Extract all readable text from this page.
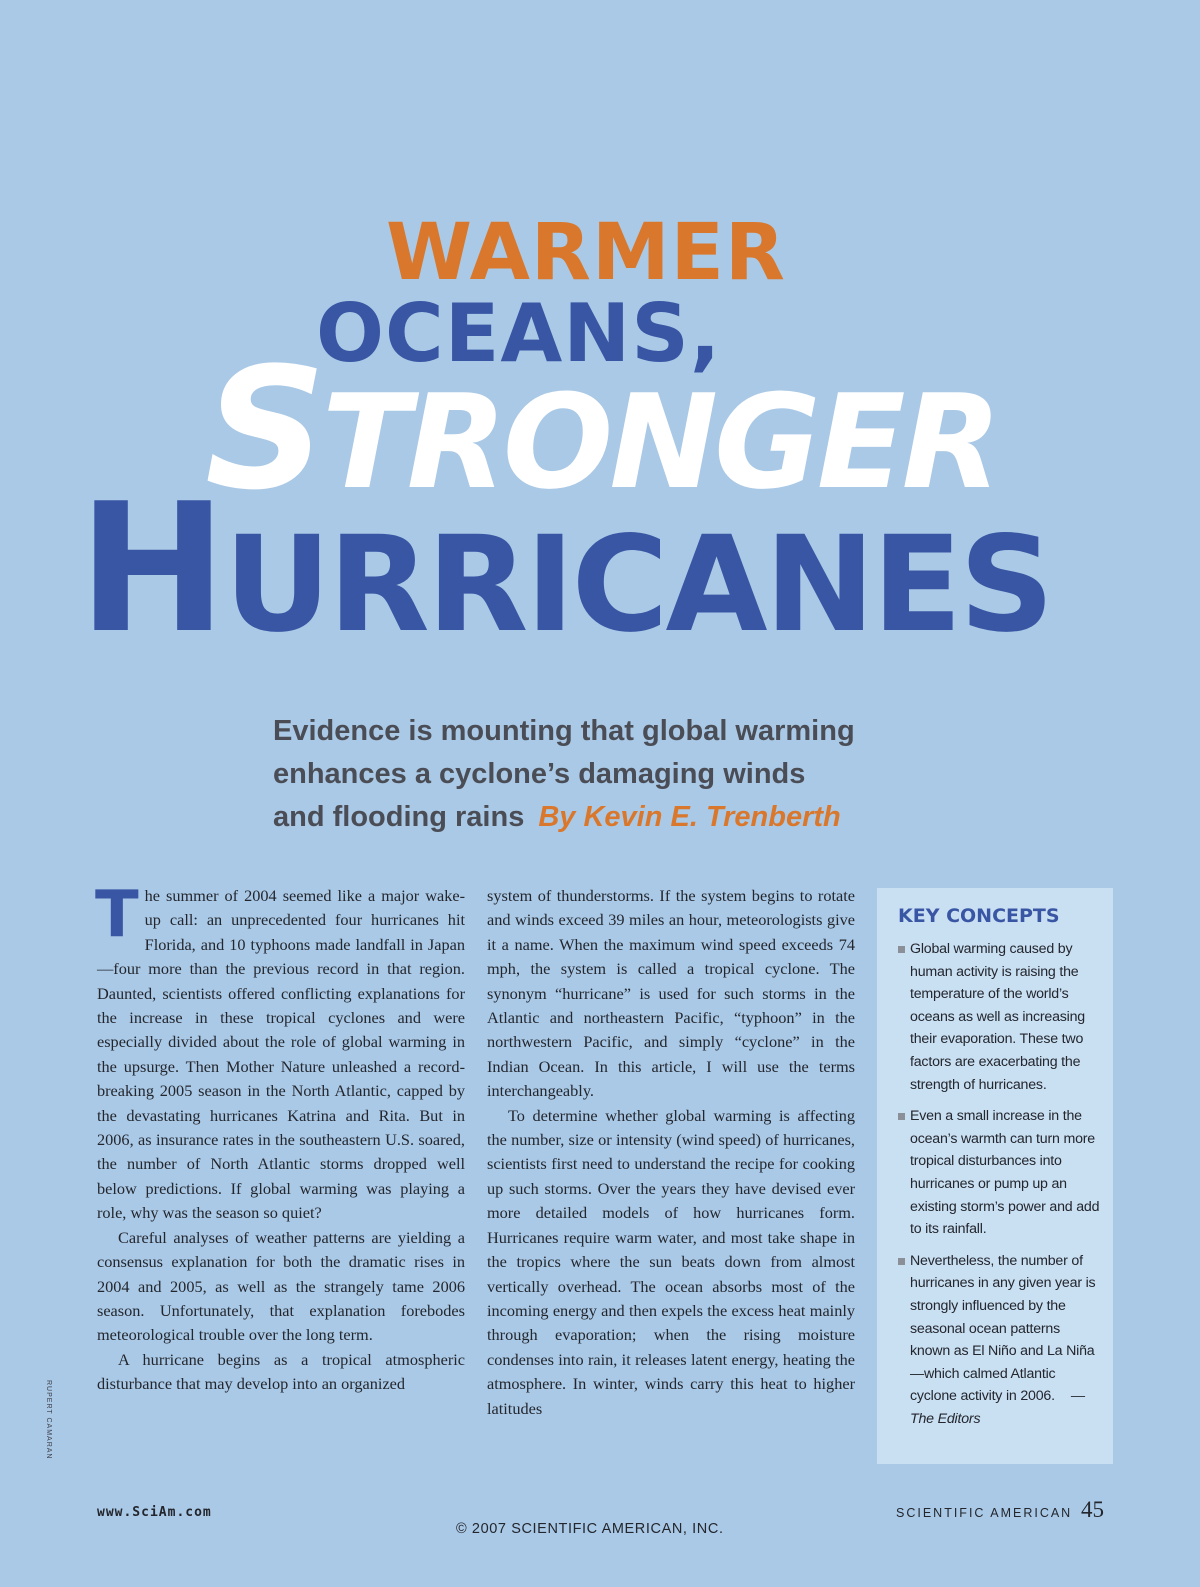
WARMER
OCEANS,
STRONGER
HURRICANES
Evidence is mounting that global warming
enhances a cyclone’s damaging winds
and flooding rains By Kevin E. Trenberth

The summer of 2004 seemed like a major wake-up call: an unprecedented four hurricanes hit Florida, and 10 typhoons made landfall in Japan—four more than the previous record in that region. Daunted, scientists offered conflicting explanations for the increase in these tropical cyclones and were especially divided about the role of global warming in the upsurge. Then Mother Nature unleashed a record-breaking 2005 season in the North Atlantic, capped by the devastating hurricanes Katrina and Rita. But in 2006, as insurance rates in the southeastern U.S. soared, the number of North Atlantic storms dropped well below predictions. If global warming was playing a role, why was the season so quiet?

Careful analyses of weather patterns are yielding a consensus explanation for both the dramatic rises in 2004 and 2005, as well as the strangely tame 2006 season. Unfortunately, that explanation forebodes meteorological trouble over the long term.

A hurricane begins as a tropical atmospheric disturbance that may develop into an organized

system of thunderstorms. If the system begins to rotate and winds exceed 39 miles an hour, meteorologists give it a name. When the maximum wind speed exceeds 74 mph, the system is called a tropical cyclone. The synonym “hurricane” is used for such storms in the Atlantic and northeastern Pacific, “typhoon” in the northwestern Pacific, and simply “cyclone” in the Indian Ocean. In this article, I will use the terms interchangeably.

To determine whether global warming is affecting the number, size or intensity (wind speed) of hurricanes, scientists first need to understand the recipe for cooking up such storms. Over the years they have devised ever more detailed models of how hurricanes form. Hurricanes require warm water, and most take shape in the tropics where the sun beats down from almost vertically overhead. The ocean absorbs most of the incoming energy and then expels the excess heat mainly through evaporation; when the rising moisture condenses into rain, it releases latent energy, heating the atmosphere. In winter, winds carry this heat to higher latitudes

KEY CONCEPTS
Global warming caused by human activity is raising the temperature of the world’s oceans as well as increasing their evaporation. These two factors are exacerbating the strength of hurricanes.
Even a small increase in the ocean’s warmth can turn more tropical disturbances into hurricanes or pump up an existing storm’s power and add to its rainfall.
Nevertheless, the number of hurricanes in any given year is strongly influenced by the seasonal ocean patterns known as El Niño and La Niña—which calmed Atlantic cyclone activity in 2006. —The Editors
RUPERT CAMARAN
www.SciAm.com	SCIENTIFIC AMERICAN 45
© 2007 SCIENTIFIC AMERICAN, INC.
